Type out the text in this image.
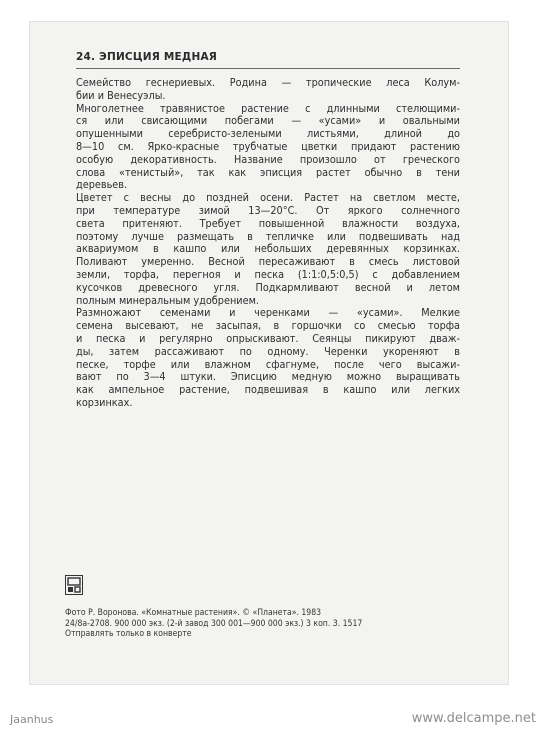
24. ЭПИСЦИЯ МЕДНАЯ
Семейство геснериевых. Родина — тропические леса Колум-
бии и Венесуэлы.
Многолетнее травянистое растение с длинными стелющими-
ся или свисающими побегами — «усами» и овальными
опушенными серебристо-зелеными листьями, длиной до
8—10 см. Ярко-красные трубчатые цветки придают растению
особую декоративность. Название произошло от греческого
слова «тенистый», так как эписция растет обычно в тени
деревьев.
Цветет с весны до поздней осени. Растет на светлом месте,
при температуре зимой 13—20°С. От яркого солнечного
света притеняют. Требует повышенной влажности воздуха,
поэтому лучше размещать в тепличке или подвешивать над
аквариумом в кашпо или небольших деревянных корзинках.
Поливают умеренно. Весной пересаживают в смесь листовой
земли, торфа, перегноя и песка (1:1:0,5:0,5) с добавлением
кусочков древесного угля. Подкармливают весной и летом
полным минеральным удобрением.
Размножают семенами и черенками — «усами». Мелкие
семена высевают, не засыпая, в горшочки со смесью торфа
и песка и регулярно опрыскивают. Сеянцы пикируют дваж-
ды, затем рассаживают по одному. Черенки укореняют в
песке, торфе или влажном сфагнуме, после чего высажи-
вают по 3—4 штуки. Эписцию медную можно выращивать
как ампельное растение, подвешивая в кашпо или легких
корзинках.
Фото Р. Воронова. «Комнатные растения». © «Планета». 1983
24/8а-2708. 900 000 экз. (2-й завод 300 001—900 000 экз.) 3 коп. З. 1517
Отправлять только в конверте
Jaanhus	www.delcampe.net
